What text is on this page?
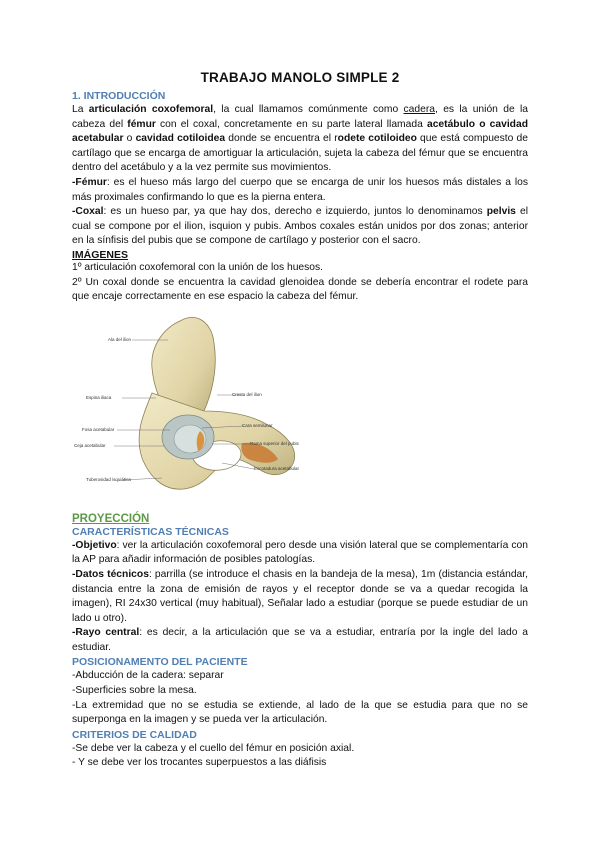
TRABAJO MANOLO SIMPLE 2
1. INTRODUCCIÓN

La articulación coxofemoral, la cual llamamos comúnmente como cadera, es la unión de la cabeza del fémur con el coxal, concretamente en su parte lateral llamada acetábulo o cavidad acetabular o cavidad cotiloidea donde se encuentra el rodete cotiloideo que está compuesto de cartílago que se encarga de amortiguar la articulación, sujeta la cabeza del fémur que se encuentra dentro del acetábulo y a la vez permite sus movimientos.

-Fémur: es el hueso más largo del cuerpo que se encarga de unir los huesos más distales a los más proximales confirmando lo que es la pierna entera.

-Coxal: es un hueso par, ya que hay dos, derecho e izquierdo, juntos lo denominamos pelvis el cual se compone por el ilion, isquion y pubis. Ambos coxales están unidos por dos zonas; anterior en la sínfisis del pubis que se compone de cartílago y posterior con el sacro.

IMÁGENES

1º articulación coxofemoral con la unión de los huesos.

2º Un coxal donde se encuentra la cavidad glenoidea donde se debería encontrar el rodete para que encaje correctamente en ese espacio la cabeza del fémur.

Ala del ilion
Espina iliaca
Cresta del ilion
Fosa acetabular
Cara semilunar
Ceja acetabular	Rama superior del pubis
Tuberosidad isquiática
Escotadura acetabular
PROYECCIÓN
CARACTERÍSTICAS TÉCNICAS

-Objetivo: ver la articulación coxofemoral pero desde una visión lateral que se complementaría con la AP para añadir información de posibles patologías.

-Datos técnicos: parrilla (se introduce el chasis en la bandeja de la mesa), 1m (distancia estándar, distancia entre la zona de emisión de rayos y el receptor donde se va a quedar recogida la imagen), RI 24x30 vertical (muy habitual), Señalar lado a estudiar (porque se puede estudiar de un lado u otro).

-Rayo central: es decir, a la articulación que se va a estudiar, entraría por la ingle del lado a estudiar.

POSICIONAMENTO DEL PACIENTE

-Abducción de la cadera: separar

-Superficies sobre la mesa.

-La extremidad que no se estudia se extiende, al lado de la que se estudia para que no se superponga en la imagen y se pueda ver la articulación.

CRITERIOS DE CALIDAD

-Se debe ver la cabeza y el cuello del fémur en posición axial.

- Y se debe ver los trocantes superpuestos a las diáfisis
